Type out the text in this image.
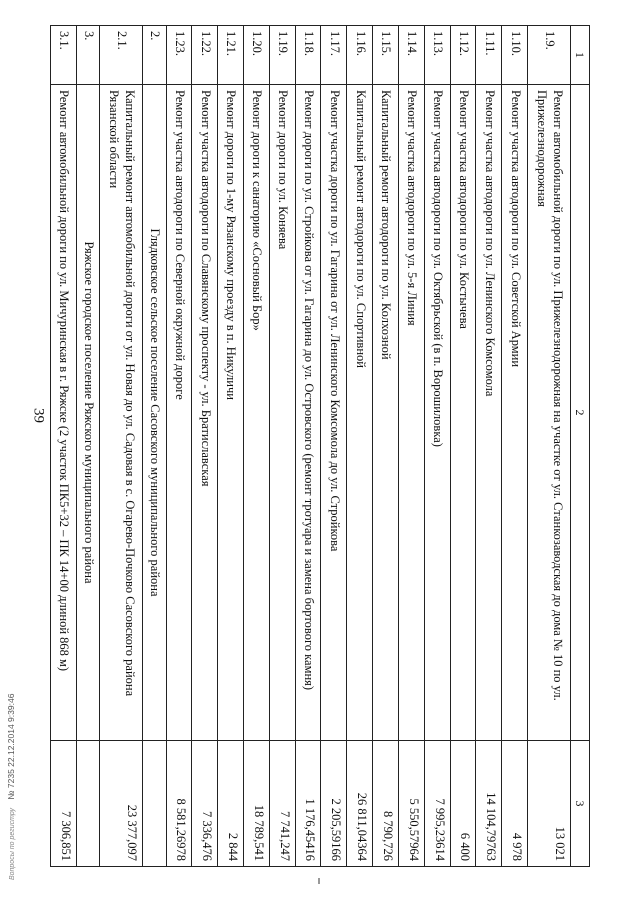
39
1	2	3
1.9.	Ремонт автомобильной дороги по ул. Прижелезнодорожная на участке от ул. Станкозаводская до дома № 10 по ул. Прижелезнодорожная	13 021
1.10.	Ремонт участка автодороги по ул. Советской Армии	4 978
1.11.	Ремонт участка автодороги по ул. Ленинского Комсомола	14 104,79763
1.12.	Ремонт участка автодороги по ул. Костычева	6 400
1.13.	Ремонт участка автодороги по ул. Октябрьской (в п. Ворошиловка)	7 995,23614
1.14.	Ремонт участка автодороги по ул. 5-я Линия	5 550,57964
1.15.	Капитальный ремонт автодороги по ул. Колхозной	8 790,726
1.16.	Капитальный ремонт автодороги по ул. Спортивной	26 811,04364
1.17.	Ремонт участка дороги по ул. Гагарина от ул. Ленинского Комсомола до ул. Стройкова	2 205,59166
1.18.	Ремонт дороги по ул. Стройкова от ул. Гагарина до ул. Островского (ремонт тротуара и замена бортового камня)	1 176,45416
1.19.	Ремонт дороги по ул. Коняева	7 741,247
1.20.	Ремонт дороги к санаторию «Сосновый Бор»	18 789,541
1.21.	Ремонт дороги по 1-му Рязанскому проезду в п. Никуличи	2 844
1.22.	Ремонт участка автодороги по Славянскому проспекту - ул. Братиславская	7 336,476
1.23.	Ремонт участка автодороги по Северной окружной дороге	8 581,26978
2.	Глядковское сельское поселение Сасовского муниципального района	
2.1.	Капитальный ремонт автомобильной дороги от ул. Новая до ул. Садовая в с. Огарево-Почково Сасовского района Рязанской области	23 377,097
3.	Ряжское городское поселение Ряжского муниципального района	
3.1.	Ремонт автомобильной дороги по ул. Мичуринская в г. Ряжске (2 участок ПК5+32 – ПК 14+00 длиной 868 м)	7 306,851
Вопросы по регистру № 7235 22.12.2014 9:39:46
